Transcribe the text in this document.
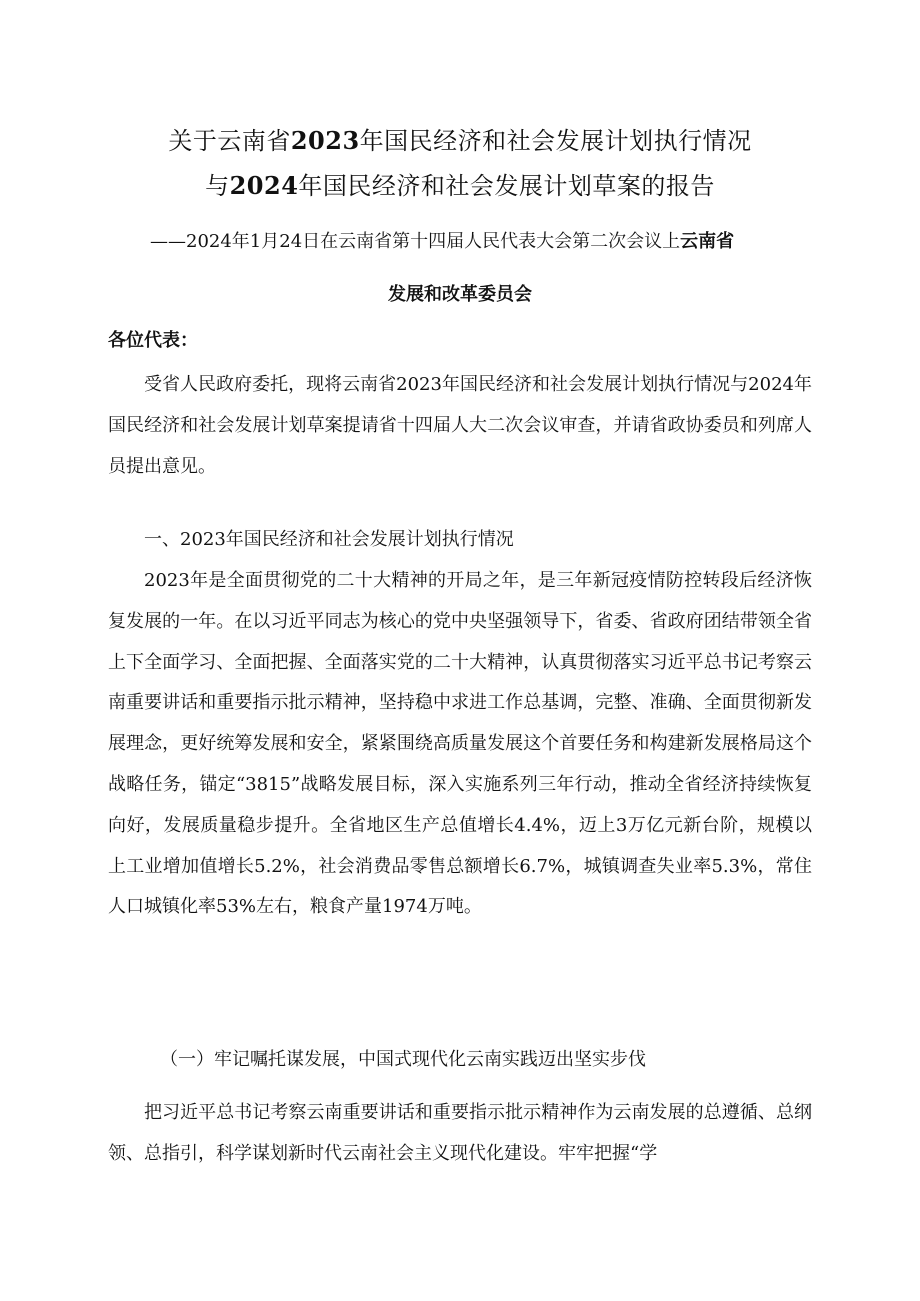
关于云南省2023年国民经济和社会发展计划执行情况
与2024年国民经济和社会发展计划草案的报告
——2024年1月24日在云南省第十四届人民代表大会第二次会议上云南省
发展和改革委员会
各位代表：

受省人民政府委托，现将云南省2023年国民经济和社会发展计划执行情况与2024年国民经济和社会发展计划草案提请省十四届人大二次会议审查，并请省政协委员和列席人员提出意见。

一、2023年国民经济和社会发展计划执行情况

2023年是全面贯彻党的二十大精神的开局之年，是三年新冠疫情防控转段后经济恢复发展的一年。在以习近平同志为核心的党中央坚强领导下，省委、省政府团结带领全省上下全面学习、全面把握、全面落实党的二十大精神，认真贯彻落实习近平总书记考察云南重要讲话和重要指示批示精神，坚持稳中求进工作总基调，完整、准确、全面贯彻新发展理念，更好统筹发展和安全，紧紧围绕高质量发展这个首要任务和构建新发展格局这个战略任务，锚定“3815”战略发展目标，深入实施系列三年行动，推动全省经济持续恢复向好，发展质量稳步提升。全省地区生产总值增长4.4%，迈上3万亿元新台阶，规模以上工业增加值增长5.2%，社会消费品零售总额增长6.7%，城镇调查失业率5.3%，常住人口城镇化率53%左右，粮食产量1974万吨。

（一）牢记嘱托谋发展，中国式现代化云南实践迈出坚实步伐

把习近平总书记考察云南重要讲话和重要指示批示精神作为云南发展的总遵循、总纲领、总指引，科学谋划新时代云南社会主义现代化建设。牢牢把握“学
